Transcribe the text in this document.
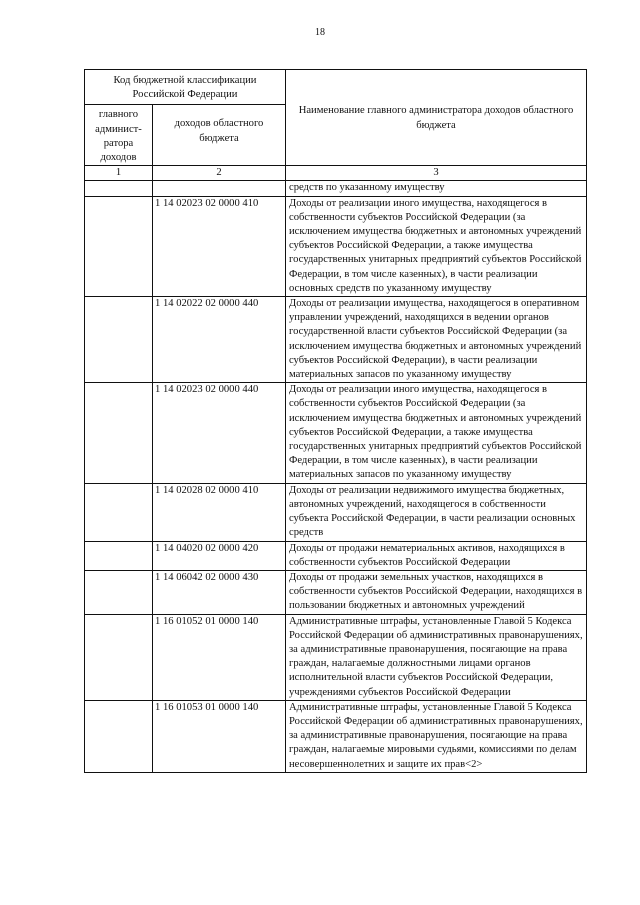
18
Код бюджетной классификации Российской Федерации		Наименование главного администратора доходов областного бюджета
главного админист-ратора доходов	доходов областного бюджета	
1	2	3
		средств по указанному имуществу
	1 14 02023 02 0000 410	Доходы от реализации иного имущества, находящегося в собственности субъектов Российской Федерации (за исключением имущества бюджетных и автономных учреждений субъектов Российской Федерации, а также имущества государственных унитарных предприятий субъектов Российской Федерации, в том числе казенных), в части реализации основных средств по указанному имуществу
	1 14 02022 02 0000 440	Доходы от реализации имущества, находящегося в оперативном управлении учреждений, находящихся в ведении органов государственной власти субъектов Российской Федерации (за исключением имущества бюджетных и автономных учреждений субъектов Российской Федерации), в части реализации материальных запасов по указанному имуществу
	1 14 02023 02 0000 440	Доходы от реализации иного имущества, находящегося в собственности субъектов Российской Федерации (за исключением имущества бюджетных и автономных учреждений субъектов Российской Федерации, а также имущества государственных унитарных предприятий субъектов Российской Федерации, в том числе казенных), в части реализации материальных запасов по указанному имуществу
	1 14 02028 02 0000 410	Доходы от реализации недвижимого имущества бюджетных, автономных учреждений, находящегося в собственности субъекта Российской Федерации, в части реализации основных средств
	1 14 04020 02 0000 420	Доходы от продажи нематериальных активов, находящихся в собственности субъектов Российской Федерации
	1 14 06042 02 0000 430	Доходы от продажи земельных участков, находящихся в собственности субъектов Российской Федерации, находящихся в пользовании бюджетных и автономных учреждений
	1 16 01052 01 0000 140	Административные штрафы, установленные Главой 5 Кодекса Российской Федерации об административных правонарушениях, за административные правонарушения, посягающие на права граждан, налагаемые должностными лицами органов исполнительной власти субъектов Российской Федерации, учреждениями субъектов Российской Федерации
	1 16 01053 01 0000 140	Административные штрафы, установленные Главой 5 Кодекса Российской Федерации об административных правонарушениях, за административные правонарушения, посягающие на права граждан, налагаемые мировыми судьями, комиссиями по делам несовершеннолетних и защите их прав<2>
